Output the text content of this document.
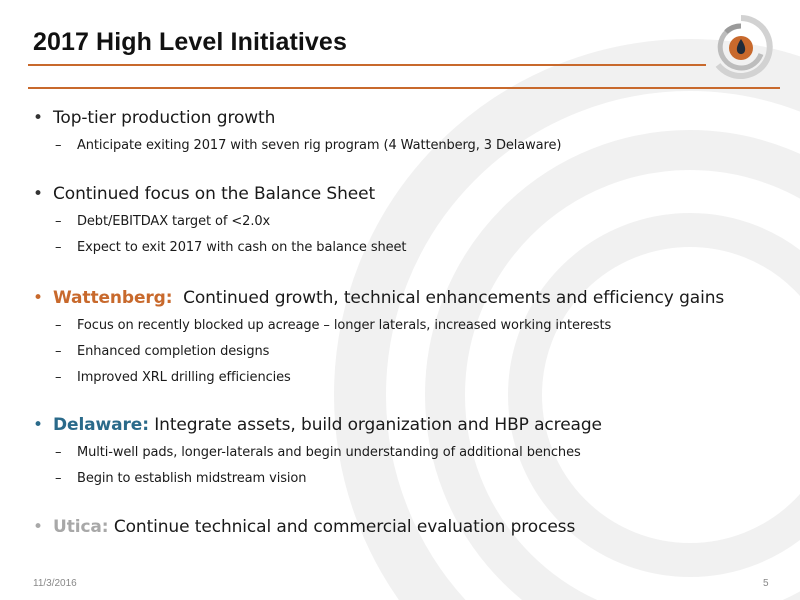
2017 High Level Initiatives
• Top-tier production growth
– Anticipate exiting 2017 with seven rig program (4 Wattenberg, 3 Delaware)
• Continued focus on the Balance Sheet
– Debt/EBITDAX target of <2.0x
– Expect to exit 2017 with cash on the balance sheet
• Wattenberg: Continued growth, technical enhancements and efficiency gains
– Focus on recently blocked up acreage – longer laterals, increased working interests
– Enhanced completion designs
– Improved XRL drilling efficiencies
• Delaware: Integrate assets, build organization and HBP acreage
– Multi-well pads, longer-laterals and begin understanding of additional benches
– Begin to establish midstream vision
• Utica: Continue technical and commercial evaluation process
11/3/2016	5
